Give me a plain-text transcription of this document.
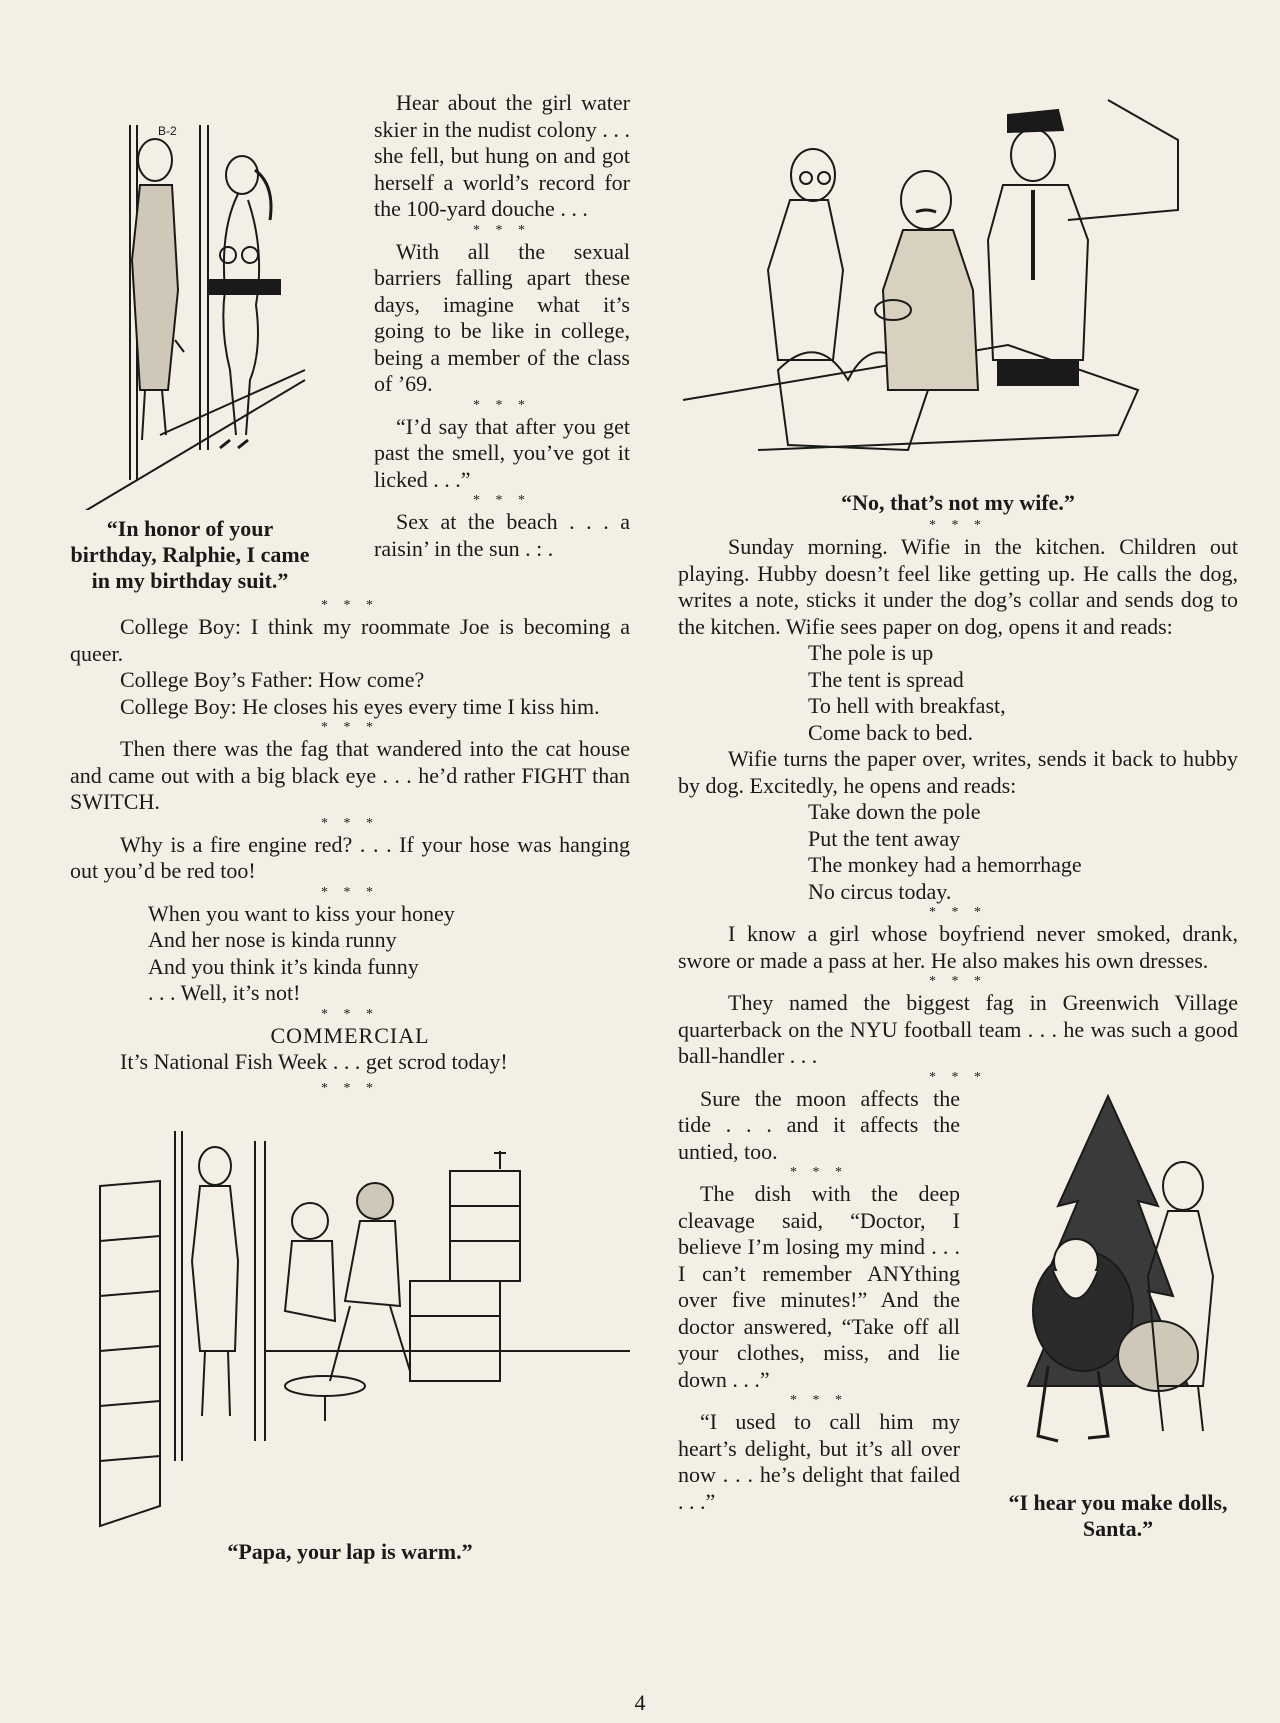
B-2

“In honor of your birthday, Ralphie, I came in my birthday suit.”

Hear about the girl water skier in the nudist colony . . . she fell, but hung on and got herself a world’s record for the 100-yard douche . . .

* * *

With all the sexual barriers falling apart these days, imagine what it’s going to be like in college, being a member of the class of ’69.

* * *

“I’d say that after you get past the smell, you’ve got it licked . . .”

* * *

Sex at the beach . . . a raisin’ in the sun . : .

* * *

College Boy: I think my roommate Joe is becoming a queer.

College Boy’s Father: How come?

College Boy: He closes his eyes every time I kiss him.

* * *

Then there was the fag that wandered into the cat house and came out with a big black eye . . . he’d rather FIGHT than SWITCH.

* * *

Why is a fire engine red? . . . If your hose was hanging out you’d be red too!

* * *

When you want to kiss your honey

And her nose is kinda runny

And you think it’s kinda funny

. . . Well, it’s not!

* * *

COMMERCIAL

It’s National Fish Week . . . get scrod today!

* * *

“Papa, your lap is warm.”

“No, that’s not my wife.”

* * *

Sunday morning. Wifie in the kitchen. Children out playing. Hubby doesn’t feel like getting up. He calls the dog, writes a note, sticks it under the dog’s collar and sends dog to the kitchen. Wifie sees paper on dog, opens it and reads:

The pole is up

The tent is spread

To hell with breakfast,

Come back to bed.

Wifie turns the paper over, writes, sends it back to hubby by dog. Excitedly, he opens and reads:

Take down the pole

Put the tent away

The monkey had a hemorrhage

No circus today.

* * *

I know a girl whose boyfriend never smoked, drank, swore or made a pass at her. He also makes his own dresses.

* * *

They named the biggest fag in Greenwich Village quarterback on the NYU football team . . . he was such a good ball-handler . . .

* * *

Sure the moon affects the tide . . . and it affects the untied, too.

* * *

The dish with the deep cleavage said, “Doctor, I believe I’m losing my mind . . . I can’t remember ANYthing over five minutes!” And the doctor answered, “Take off all your clothes, miss, and lie down . . .”

* * *

“I used to call him my heart’s delight, but it’s all over now . . . he’s delight that failed . . .”	“I hear you make dolls, Santa.”

4
